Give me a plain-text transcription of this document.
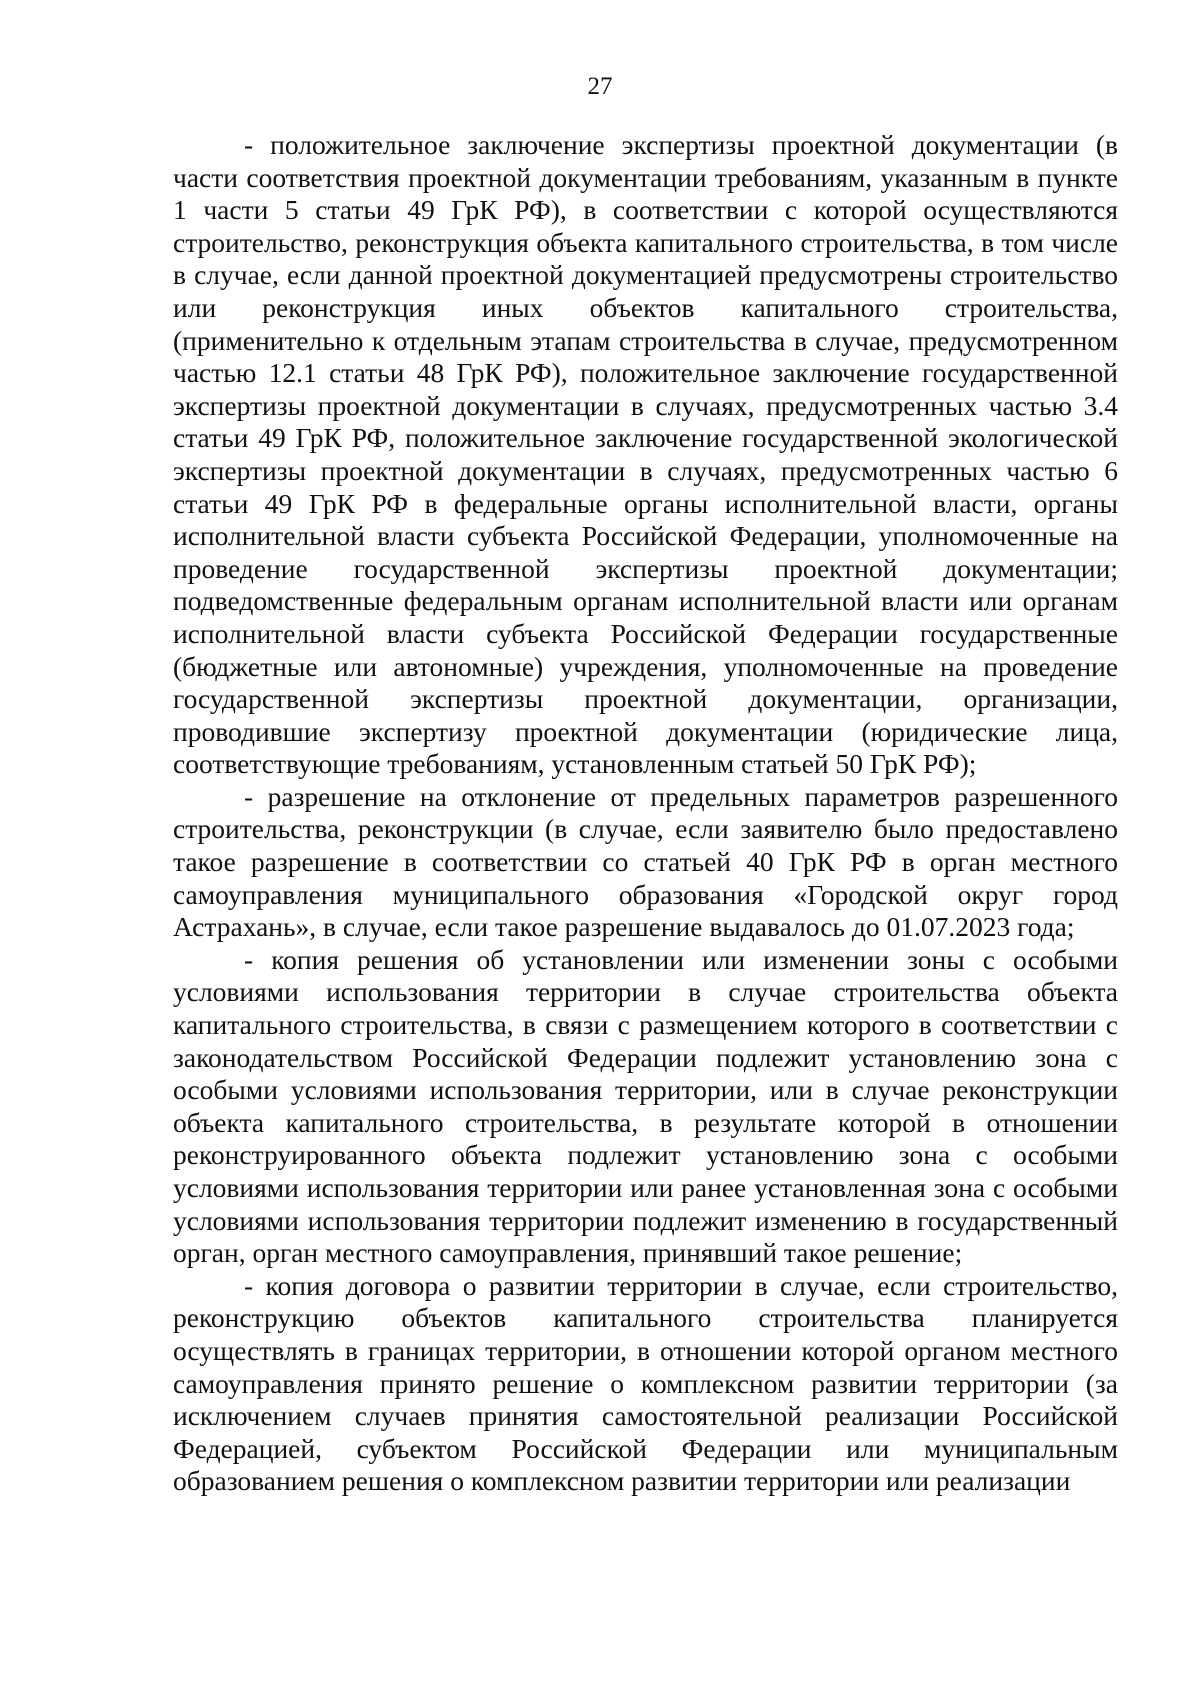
27

- положительное заключение экспертизы проектной документации (в части соответствия проектной документации требованиям, указанным в пункте 1 части 5 статьи 49 ГрК РФ), в соответствии с которой осуществляются строительство, реконструкция объекта капитального строительства, в том числе в случае, если данной проектной документацией предусмотрены строительство или реконструкция иных объектов капитального строительства, (применительно к отдельным этапам строительства в случае, предусмотренном частью 12.1 статьи 48 ГрК РФ), положительное заключение государственной экспертизы проектной документации в случаях, предусмотренных частью 3.4 статьи 49 ГрК РФ, положительное заключение государственной экологической экспертизы проектной документации в случаях, предусмотренных частью 6 статьи 49 ГрК РФ в федеральные органы исполнительной власти, органы исполнительной власти субъекта Российской Федерации, уполномоченные на проведение государственной экспертизы проектной документации; подведомственные федеральным органам исполнительной власти или органам исполнительной власти субъекта Российской Федерации государственные (бюджетные или автономные) учреждения, уполномоченные на проведение государственной экспертизы проектной документации, организации, проводившие экспертизу проектной документации (юридические лица, соответствующие требованиям, установленным статьей 50 ГрК РФ);

- разрешение на отклонение от предельных параметров разрешенного строительства, реконструкции (в случае, если заявителю было предоставлено такое разрешение в соответствии со статьей 40 ГрК РФ в орган местного самоуправления муниципального образования «Городской округ город Астрахань», в случае, если такое разрешение выдавалось до 01.07.2023 года;

- копия решения об установлении или изменении зоны с особыми условиями использования территории в случае строительства объекта капитального строительства, в связи с размещением которого в соответствии с законодательством Российской Федерации подлежит установлению зона с особыми условиями использования территории, или в случае реконструкции объекта капитального строительства, в результате которой в отношении реконструированного объекта подлежит установлению зона с особыми условиями использования территории или ранее установленная зона с особыми условиями использования территории подлежит изменению в государственный орган, орган местного самоуправления, принявший такое решение;

- копия договора о развитии территории в случае, если строительство, реконструкцию объектов капитального строительства планируется осуществлять в границах территории, в отношении которой органом местного самоуправления принято решение о комплексном развитии территории (за исключением случаев принятия самостоятельной реализации Российской Федерацией, субъектом Российской Федерации или муниципальным образованием решения о комплексном развитии территории или реализации
